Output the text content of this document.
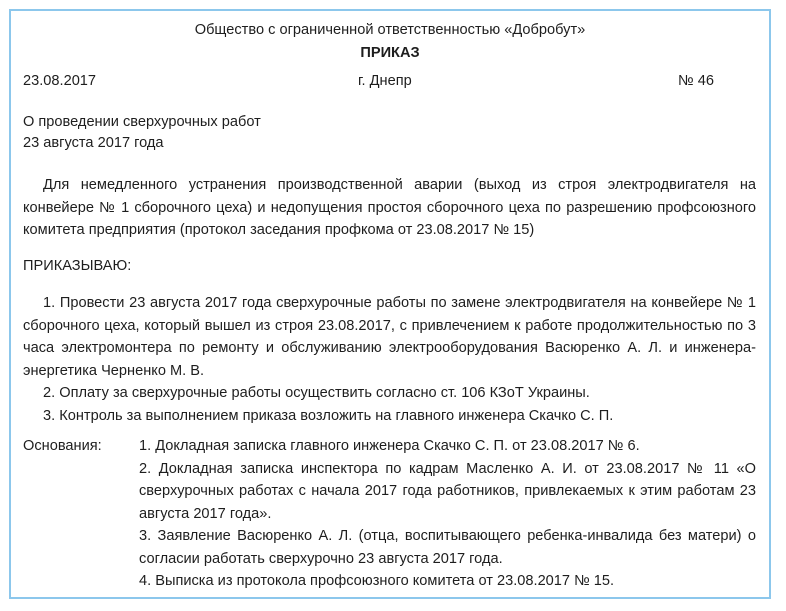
Общество с ограниченной ответственностью «Добробут»
ПРИКАЗ
23.08.2017	г. Днепр	№ 46
О проведении сверхурочных работ
23 августа 2017 года
Для немедленного устранения производственной аварии (выход из строя электродвигателя на конвейере № 1 сборочного цеха) и недопущения простоя сборочного цеха по разрешению профсоюзного комитета предприятия (протокол заседания профкома от 23.08.2017 № 15)
ПРИКАЗЫВАЮ:

1. Провести 23 августа 2017 года сверхурочные работы по замене электродвигателя на конвейере № 1 сборочного цеха, который вышел из строя 23.08.2017, с привлечением к работе продолжительностью по 3 часа электромонтера по ремонту и обслуживанию электрооборудования Васюренко А. Л. и инженера-энергетика Черненко М. В.

2. Оплату за сверхурочные работы осуществить согласно ст. 106 КЗоТ Украины.

3. Контроль за выполнением приказа возложить на главного инженера Скачко С. П.

Основания:	1. Докладная записка главного инженера Скачко С. П. от 23.08.2017 № 6.

2. Докладная записка инспектора по кадрам Масленко А. И. от 23.08.2017 № 11 «О сверхурочных работах с начала 2017 года работников, привлекаемых к этим работам 23 августа 2017 года».

3. Заявление Васюренко А. Л. (отца, воспитывающего ребенка-инвалида без матери) о согласии работать сверхурочно 23 августа 2017 года.

4. Выписка из протокола профсоюзного комитета от 23.08.2017 № 15.
